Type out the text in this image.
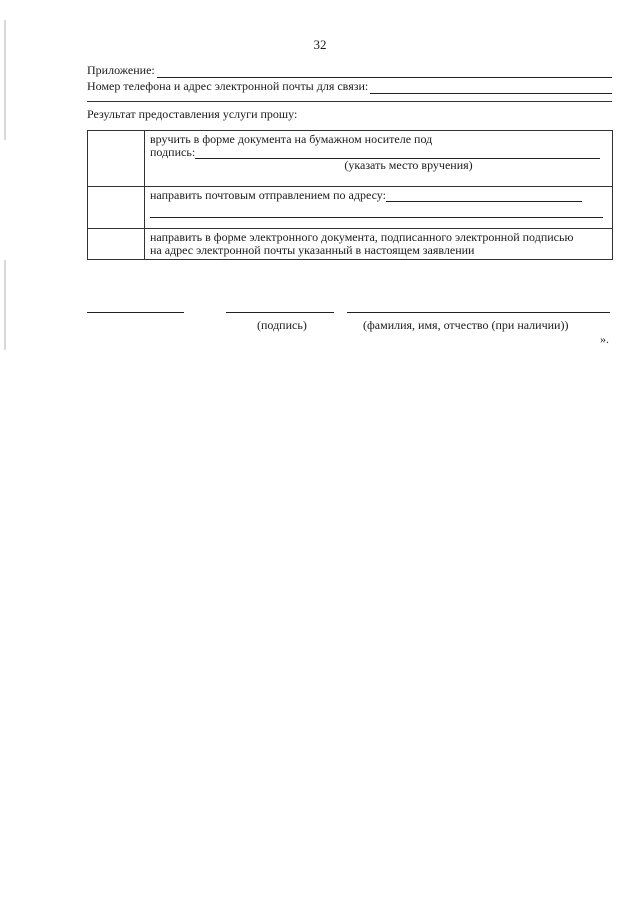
32
Приложение:
Номер телефона и адрес электронной почты для связи:
Результат предоставления услуги прошу:

	вручить в форме документа на бумажном носителе под
подпись:
(указать место вручения)

	направить почтовым отправлением по адресу:

	направить в форме электронного документа, подписанного электронной подписью
на адрес электронной почты указанный в настоящем заявлении
(подпись)	(фамилия, имя, отчество (при наличии))
».
